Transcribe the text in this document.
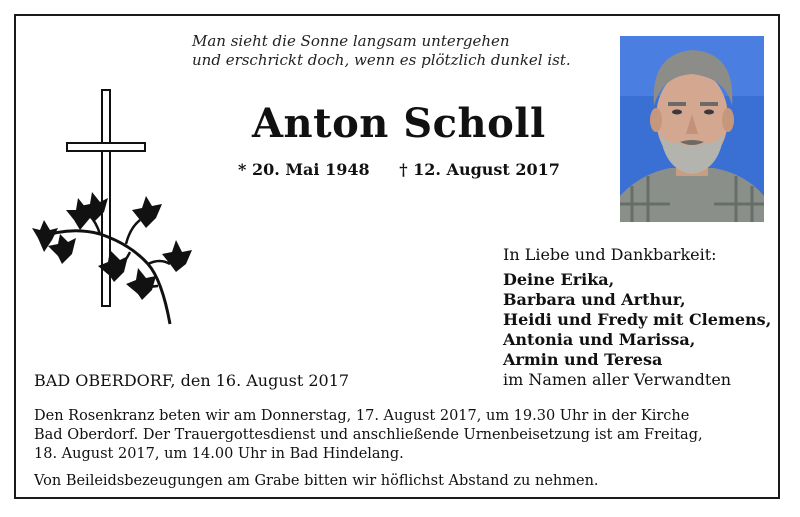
Man sieht die Sonne langsam untergehen
und erschrickt doch, wenn es plötzlich dunkel ist.
Anton Scholl
* 20. Mai 1948 † 12. August 2017
In Liebe und Dankbarkeit:
Deine Erika,
Barbara und Arthur,
Heidi und Fredy mit Clemens,
Antonia und Marissa,
Armin und Teresa
im Namen aller Verwandten
BAD OBERDORF, den 16. August 2017

Den Rosenkranz beten wir am Donnerstag, 17. August 2017, um 19.30 Uhr in der Kirche
Bad Oberdorf. Der Trauergottesdienst und anschließende Urnenbeisetzung ist am Freitag,
18. August 2017, um 14.00 Uhr in Bad Hindelang.

Von Beileidsbezeugungen am Grabe bitten wir höflichst Abstand zu nehmen.
